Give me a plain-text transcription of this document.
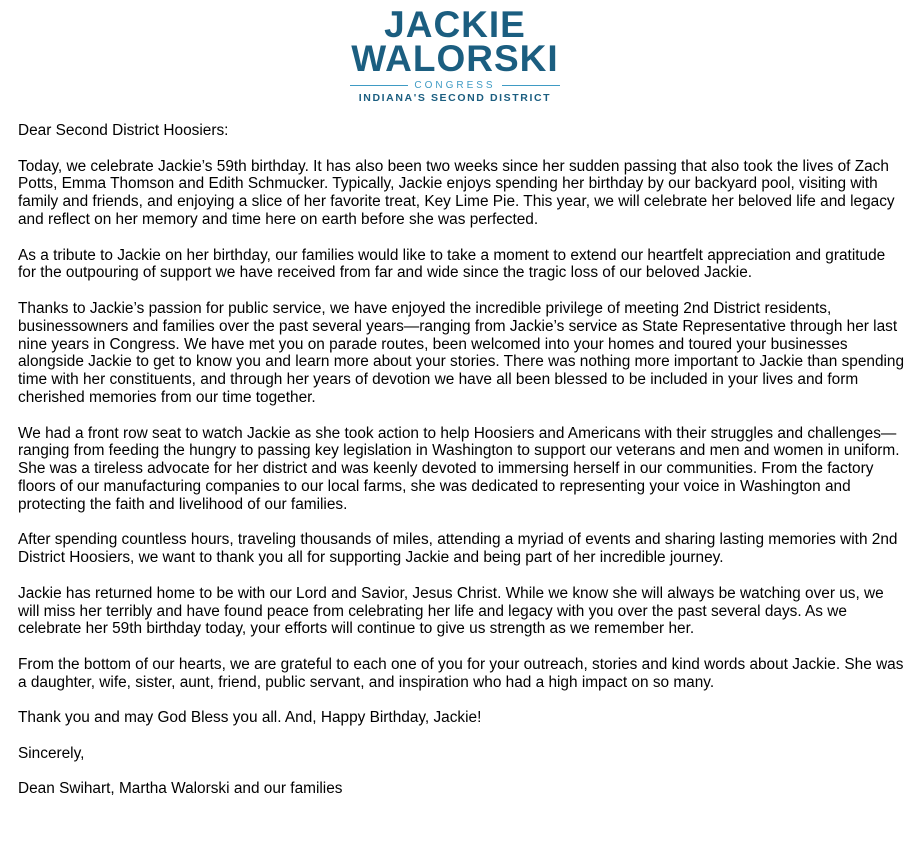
JACKIE
WALORSKI
CONGRESS
INDIANA'S SECOND DISTRICT

Dear Second District Hoosiers:

Today, we celebrate Jackie’s 59th birthday. It has also been two weeks since her sudden passing that also took the lives of Zach Potts, Emma Thomson and Edith Schmucker. Typically, Jackie enjoys spending her birthday by our backyard pool, visiting with family and friends, and enjoying a slice of her favorite treat, Key Lime Pie. This year, we will celebrate her beloved life and legacy and reflect on her memory and time here on earth before she was perfected.

As a tribute to Jackie on her birthday, our families would like to take a moment to extend our heartfelt appreciation and gratitude for the outpouring of support we have received from far and wide since the tragic loss of our beloved Jackie.

Thanks to Jackie’s passion for public service, we have enjoyed the incredible privilege of meeting 2nd District residents, businessowners and families over the past several years—ranging from Jackie’s service as State Representative through her last nine years in Congress. We have met you on parade routes, been welcomed into your homes and toured your businesses alongside Jackie to get to know you and learn more about your stories. There was nothing more important to Jackie than spending time with her constituents, and through her years of devotion we have all been blessed to be included in your lives and form cherished memories from our time together.

We had a front row seat to watch Jackie as she took action to help Hoosiers and Americans with their struggles and challenges—ranging from feeding the hungry to passing key legislation in Washington to support our veterans and men and women in uniform. She was a tireless advocate for her district and was keenly devoted to immersing herself in our communities. From the factory floors of our manufacturing companies to our local farms, she was dedicated to representing your voice in Washington and protecting the faith and livelihood of our families.

After spending countless hours, traveling thousands of miles, attending a myriad of events and sharing lasting memories with 2nd District Hoosiers, we want to thank you all for supporting Jackie and being part of her incredible journey.

Jackie has returned home to be with our Lord and Savior, Jesus Christ. While we know she will always be watching over us, we will miss her terribly and have found peace from celebrating her life and legacy with you over the past several days. As we celebrate her 59th birthday today, your efforts will continue to give us strength as we remember her.

From the bottom of our hearts, we are grateful to each one of you for your outreach, stories and kind words about Jackie. She was a daughter, wife, sister, aunt, friend, public servant, and inspiration who had a high impact on so many.

Thank you and may God Bless you all. And, Happy Birthday, Jackie!

Sincerely,

Dean Swihart, Martha Walorski and our families
